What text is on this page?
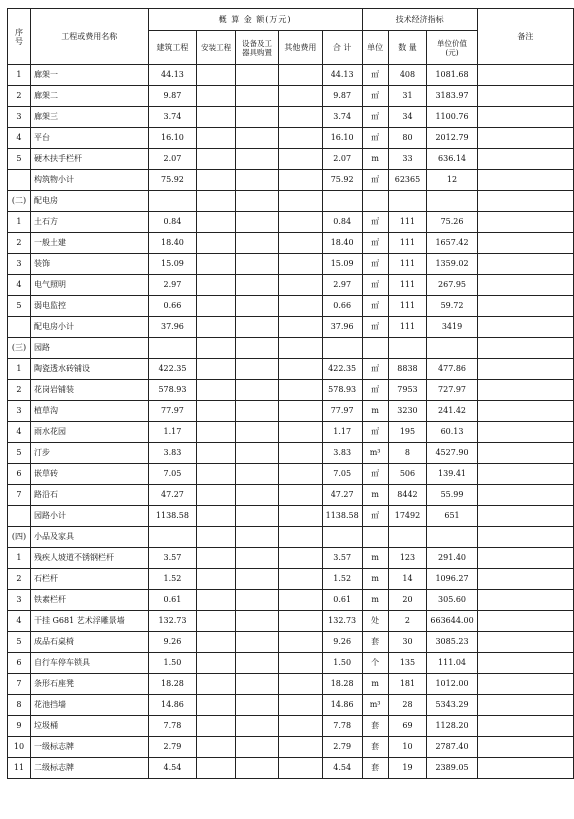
序号	工程或费用名称	概 算 金 额(万元)					技术经济指标			备注
		建筑工程	安装工程	设备及工器具购置	其他费用	合 计	单位	数 量	单位价值(元)	
1	廊架一	44.13				44.13	㎡	408	1081.68	
2	廊架二	9.87				9.87	㎡	31	3183.97	
3	廊架三	3.74				3.74	㎡	34	1100.76	
4	平台	16.10				16.10	㎡	80	2012.79	
5	硬木扶手栏杆	2.07				2.07	m	33	636.14	
	构筑物小计	75.92				75.92	㎡	62365	12	
(二)	配电房									
1	土石方	0.84				0.84	㎡	111	75.26	
2	一般土建	18.40				18.40	㎡	111	1657.42	
3	装饰	15.09				15.09	㎡	111	1359.02	
4	电气照明	2.97				2.97	㎡	111	267.95	
5	弱电监控	0.66				0.66	㎡	111	59.72	
	配电房小计	37.96				37.96	㎡	111	3419	
(三)	园路									
1	陶瓷透水砖铺设	422.35				422.35	㎡	8838	477.86	
2	花岗岩铺装	578.93				578.93	㎡	7953	727.97	
3	植草沟	77.97				77.97	m	3230	241.42	
4	雨水花园	1.17				1.17	㎡	195	60.13	
5	汀步	3.83				3.83	m³	8	4527.90	
6	嵌草砖	7.05				7.05	㎡	506	139.41	
7	路沿石	47.27				47.27	m	8442	55.99	
	园路小计	1138.58				1138.58	㎡	17492	651	
(四)	小品及家具									
1	残疾人坡道不锈钢栏杆	3.57				3.57	m	123	291.40	
2	石栏杆	1.52				1.52	m	14	1096.27	
3	铁素栏杆	0.61				0.61	m	20	305.60	
4	干挂 G681 艺术浮雕景墙	132.73				132.73	处	2	663644.00	
5	成品石桌椅	9.26				9.26	套	30	3085.23	
6	自行车停车锁具	1.50				1.50	个	135	111.04	
7	条形石座凳	18.28				18.28	m	181	1012.00	
8	花池挡墙	14.86				14.86	m³	28	5343.29	
9	垃圾桶	7.78				7.78	套	69	1128.20	
10	一级标志牌	2.79				2.79	套	10	2787.40	
11	二级标志牌	4.54				4.54	套	19	2389.05	
